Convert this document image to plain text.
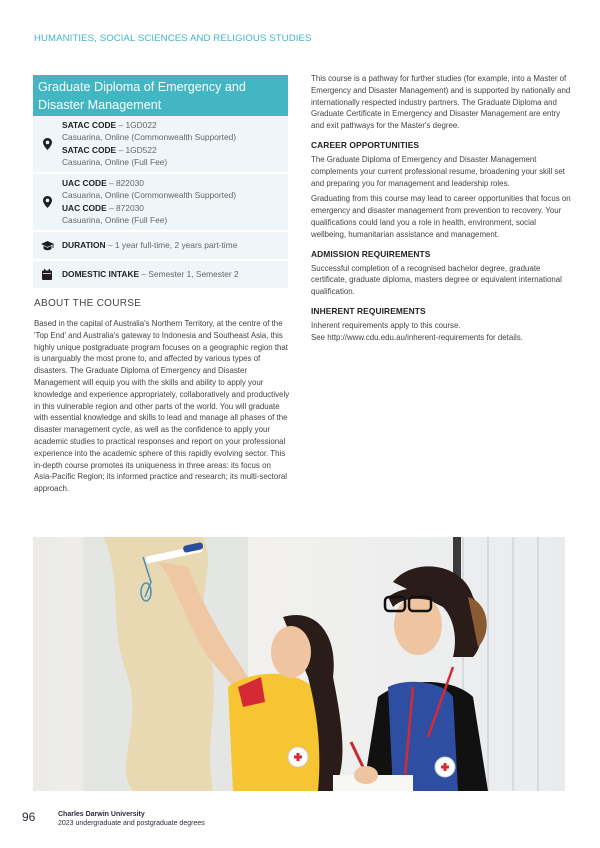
HUMANITIES, SOCIAL SCIENCES AND RELIGIOUS STUDIES
Graduate Diploma of Emergency and Disaster Management
SATAC CODE – 1GD022
Casuarina, Online (Commonwealth Supported)
SATAC CODE – 1GD522
Casuarina, Online (Full Fee)
UAC CODE – 822030
Casuarina, Online (Commonwealth Supported)
UAC CODE – 872030
Casuarina, Online (Full Fee)
DURATION – 1 year full-time, 2 years part-time
DOMESTIC INTAKE – Semester 1, Semester 2
ABOUT THE COURSE
Based in the capital of Australia's Northern Territory, at the centre of the 'Top End' and Australia's gateway to Indonesia and Southeast Asia, this highly unique postgraduate program focuses on a geographic region that is unarguably the most prone to, and affected by various types of disasters. The Graduate Diploma of Emergency and Disaster Management will equip you with the skills and ability to apply your knowledge and experience appropriately, collaboratively and productively in this vulnerable region and other parts of the world. You will graduate with essential knowledge and skills to lead and manage all phases of the disaster management cycle, as well as the confidence to apply your academic studies to practical responses and report on your professional experience into the academic sphere of this rapidly evolving sector. This in-depth course promotes its uniqueness in three areas: its focus on Asia-Pacific Region; its informed practice and research; its multi-sectoral approach.

This course is a pathway for further studies (for example, into a Master of Emergency and Disaster Management) and is supported by nationally and internationally respected industry partners. The Graduate Diploma and Graduate Certificate in Emergency and Disaster Management are entry and exit pathways for the Master's degree.

CAREER OPPORTUNITIES

The Graduate Diploma of Emergency and Disaster Management complements your current professional resume, broadening your skill set and preparing you for management and leadership roles.

Graduating from this course may lead to career opportunities that focus on emergency and disaster management from prevention to recovery. Your qualifications could land you a role in health, environment, social wellbeing, humanitarian assistance and management.

ADMISSION REQUIREMENTS

Successful completion of a recognised bachelor degree, graduate certificate, graduate diploma, masters degree or equivalent international qualification.

INHERENT REQUIREMENTS

Inherent requirements apply to this course.

See http://www.cdu.edu.au/inherent-requirements for details.

96	Charles Darwin University
2023 undergraduate and postgraduate degrees
